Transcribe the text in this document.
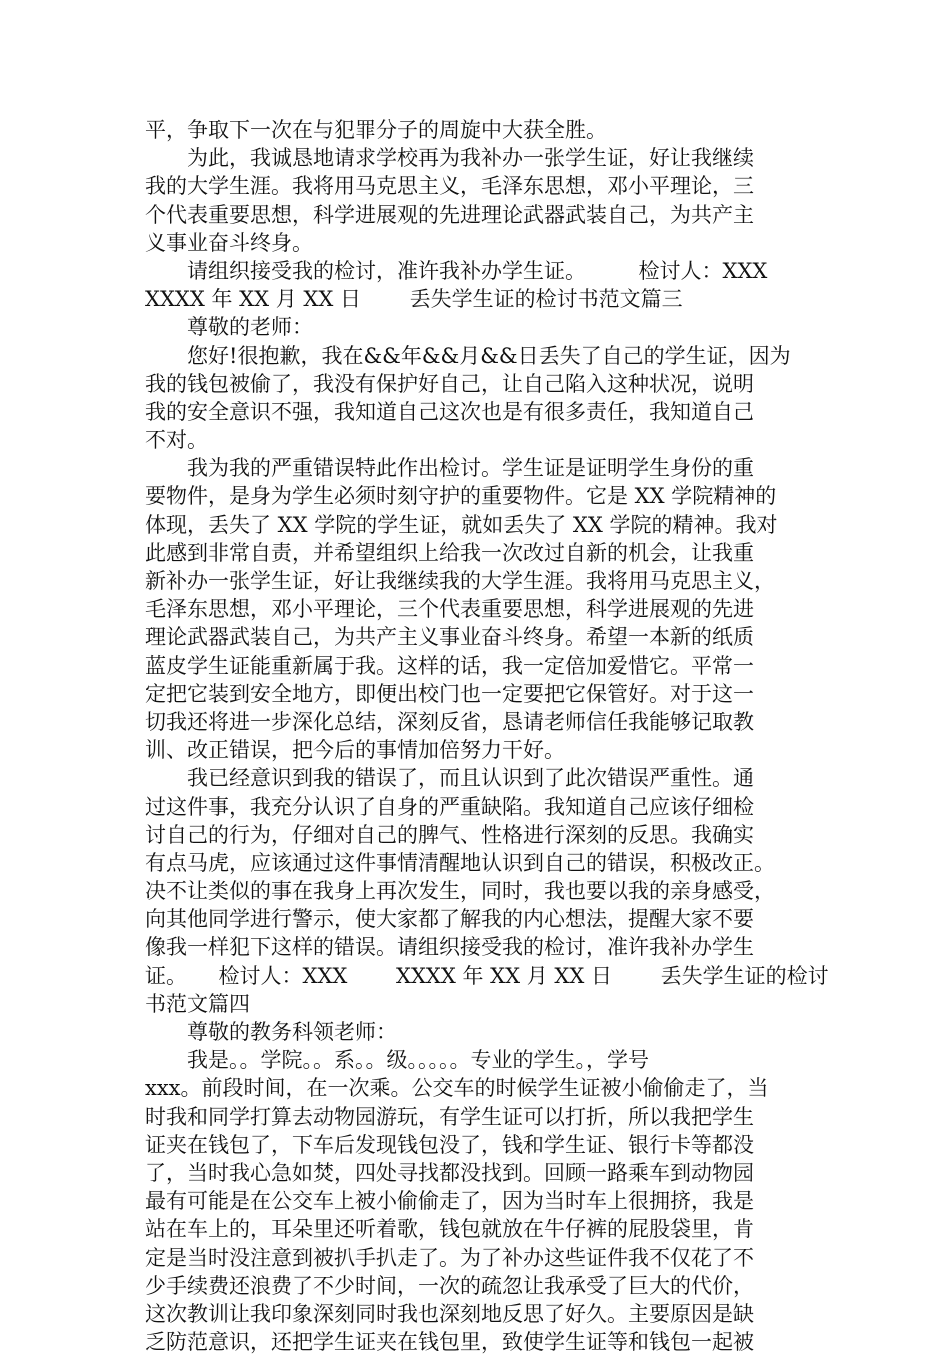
平，争取下一次在与犯罪分子的周旋中大获全胜。
　　为此，我诚恳地请求学校再为我补办一张学生证，好让我继续
我的大学生涯。我将用马克思主义，毛泽东思想，邓小平理论，三
个代表重要思想，科学进展观的先进理论武器武装自己，为共产主
义事业奋斗终身。
　　请组织接受我的检讨，准许我补办学生证。　　　检讨人：XXX
XXXX 年 XX 月 XX 日　　 丢失学生证的检讨书范文篇三
　　尊敬的老师：
　　您好!很抱歉，我在&&年&&月&&日丢失了自己的学生证，因为
我的钱包被偷了，我没有保护好自己，让自己陷入这种状况，说明
我的安全意识不强，我知道自己这次也是有很多责任，我知道自己
不对。
　　我为我的严重错误特此作出检讨。学生证是证明学生身份的重
要物件，是身为学生必须时刻守护的重要物件。它是 XX 学院精神的
体现，丢失了 XX 学院的学生证，就如丢失了 XX 学院的精神。我对
此感到非常自责，并希望组织上给我一次改过自新的机会，让我重
新补办一张学生证，好让我继续我的大学生涯。我将用马克思主义，
毛泽东思想，邓小平理论，三个代表重要思想，科学进展观的先进
理论武器武装自己，为共产主义事业奋斗终身。希望一本新的纸质
蓝皮学生证能重新属于我。这样的话，我一定倍加爱惜它。平常一
定把它装到安全地方，即便出校门也一定要把它保管好。对于这一
切我还将进一步深化总结，深刻反省，恳请老师信任我能够记取教
训、改正错误，把今后的事情加倍努力干好。
　　我已经意识到我的错误了，而且认识到了此次错误严重性。通
过这件事，我充分认识了自身的严重缺陷。我知道自己应该仔细检
讨自己的行为，仔细对自己的脾气、性格进行深刻的反思。我确实
有点马虎，应该通过这件事情清醒地认识到自己的错误，积极改正。
决不让类似的事在我身上再次发生，同时，我也要以我的亲身感受，
向其他同学进行警示，使大家都了解我的内心想法，提醒大家不要
像我一样犯下这样的错误。请组织接受我的检讨，准许我补办学生
证。　　检讨人：XXX　　 XXXX 年 XX 月 XX 日　　 丢失学生证的检讨
书范文篇四
　　尊敬的教务科领老师：
　　我是。。学院。。系。。级。。。。。专业的学生。，学号
xxx。前段时间，在一次乘。公交车的时候学生证被小偷偷走了，当
时我和同学打算去动物园游玩，有学生证可以打折，所以我把学生
证夹在钱包了，下车后发现钱包没了，钱和学生证、银行卡等都没
了，当时我心急如焚，四处寻找都没找到。回顾一路乘车到动物园
最有可能是在公交车上被小偷偷走了，因为当时车上很拥挤，我是
站在车上的，耳朵里还听着歌，钱包就放在牛仔裤的屁股袋里，肯
定是当时没注意到被扒手扒走了。为了补办这些证件我不仅花了不
少手续费还浪费了不少时间，一次的疏忽让我承受了巨大的代价，
这次教训让我印象深刻同时我也深刻地反思了好久。主要原因是缺
乏防范意识，还把学生证夹在钱包里，致使学生证等和钱包一起被
